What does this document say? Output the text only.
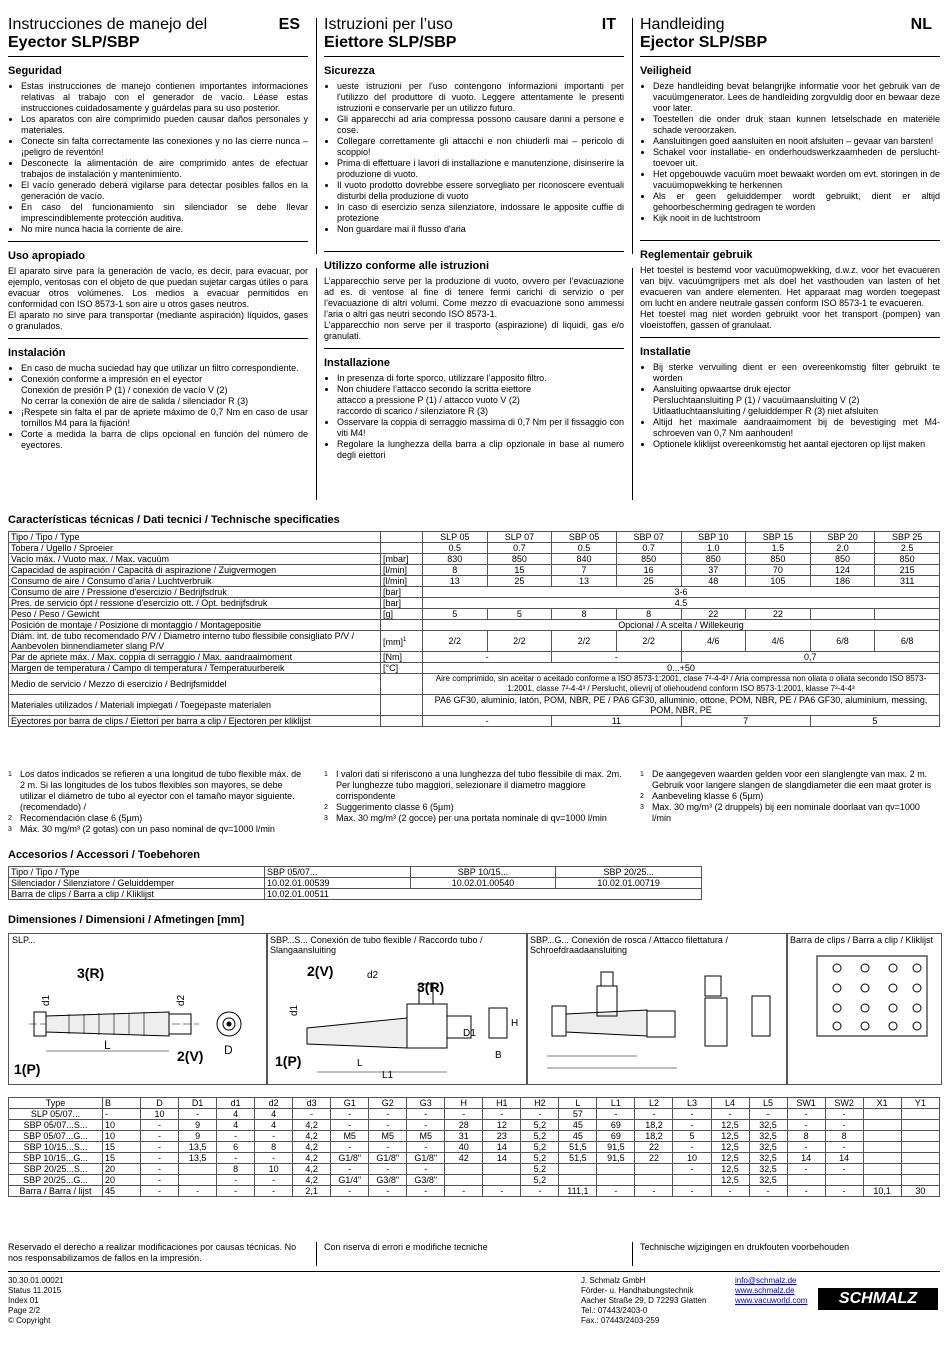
Instrucciones de manejo del
Eyector SLP/SBP
ES
Seguridad
• Estas instrucciones de manejo contienen importantes informaciones relativas al trabajo con el generador de vacío. Léase estas instrucciones cuidadosamente y guárdelas para su uso posterior.
• Los aparatos con aire comprimido pueden causar daños personales y materiales.
• Conecte sin falta correctamente las conexiones y no las cierre nunca – ¡peligro de reventón!
• Desconecte la alimentación de aire comprimido antes de efectuar trabajos de instalación y mantenimiento.
• El vacío generado deberá vigilarse para detectar posibles fallos en la generación de vacío.
• En caso del funcionamiento sin silenciador se debe llevar imprescindiblemente protección auditiva.
• No mire nunca hacia la corriente de aire.
Uso apropiado
El aparato sirve para la generación de vacío, es decir, para evacuar, por ejemplo, ventosas con el objeto de que puedan sujetar cargas útiles o para evacuar otros volúmenes. Los medios a evacuar permitidos en conformidad con ISO 8573-1 son aire u otros gases neutros.
El aparato no sirve para transportar (mediante aspiración) líquidos, gases o granulados.
Instalación
• En caso de mucha suciedad hay que utilizar un filtro correspondiente.
• Conexión conforme a impresión en el eyector
Conexión de presión P (1) / conexión de vacío V (2)
No cerrar la conexión de aire de salida / silenciador R (3)
• ¡Respete sin falta el par de apriete máximo de 0,7 Nm en caso de usar tornillos M4 para la fijación!
• Corte a medida la barra de clips opcional en función del número de eyectores.
Istruzioni per l’uso
Eiettore SLP/SBP
IT
Sicurezza
• ueste istruzioni per l'uso contengono informazioni importanti per l'utilizzo del produttore di vuoto. Leggere attentamente le presenti istruzioni e conservarle per un utilizzo futuro.
• Gli apparecchi ad aria compressa possono causare danni a persone e cose.
• Collegare correttamente gli attacchi e non chiuderli mai – pericolo di scoppio!
• Prima di effettuare i lavori di installazione e manutenzione, disinserire la produzione di vuoto.
• Il vuoto prodotto dovrebbe essere sorvegliato per riconoscere eventuali disturbi della produzione di vuoto
• In caso di esercizio senza silenziatore, indossare le apposite cuffie di protezione
• Non guardare mai il flusso d'aria
Utilizzo conforme alle istruzioni
L’apparecchio serve per la produzione di vuoto, ovvero per l’evacuazione ad es. di ventose al fine di tenere fermi carichi di servizio o per l’evacuazione di altri volumi. Come mezzo di evacuazione sono ammessi l’aria o altri gas neutri secondo ISO 8573-1.
L’apparecchio non serve per il trasporto (aspirazione) di liquidi, gas e/o granulati.
Installazione
• In presenza di forte sporco, utilizzare l’apposito filtro.
• Non chiudere l’attacco secondo la scritta eiettore
attacco a pressione P (1) / attacco vuoto V (2)
raccordo di scarico / silenziatore R (3)
• Osservare la coppia di serraggio massima di 0,7 Nm per il fissaggio con viti M4!
• Regolare la lunghezza della barra a clip opzionale in base al numero degli eiettori
Handleiding
Ejector SLP/SBP
NL
Veiligheid
• Deze handleiding bevat belangrijke informatie voor het gebruik van de vacuümgenerator. Lees de handleiding zorgvuldig door en bewaar deze voor later.
• Toestellen die onder druk staan kunnen letselschade en materiële schade veroorzaken.
• Aansluitingen goed aansluiten en nooit afsluiten – gevaar van barsten!
• Schakel voor installatie- en onderhoudswerkzaamheden de persluchttoevoer uit.
• Het opgebouwde vacuüm moet bewaakt worden om evt. storingen in de vacuümopwekking te herkennen
• Als er geen geluiddemper wordt gebruikt, dient er altijd gehoorbescherming gedragen te worden
• Kijk nooit in de luchtstroom
Reglementair gebruik
Het toestel is bestemd voor vacuümopwekking, d.w.z. voor het evacueren van bijv. vacuümgrijpers met als doel het vasthouden van lasten of het evacueren van andere elementen. Het apparaat mag worden toegepast om lucht en andere neutrale gassen conform ISO 8573-1 te evacueren.
Het toestel mag niet worden gebruikt voor het transport (pompen) van vloeistoffen, gassen of granulaat.
Installatie
• Bij sterke vervuiling dient er een overeenkomstig filter gebruikt te worden
• Aansluiting opwaartse druk ejector
Persluchtaansluiting P (1) / vacuümaansluiting V (2)
Uitlaatluchtaansluiting / geluiddemper R (3) niet afsluiten
• Altijd het maximale aandraaimoment bij de bevestiging met M4-schroeven van 0,7 Nm aanhouden!
• Optionele kliklijst overeenkomstig het aantal ejectoren op lijst maken
Características técnicas / Dati tecnici / Technische specificaties
Tipo / Tipo / Type		SLP 05	SLP 07	SBP 05	SBP 07	SBP 10	SBP 15	SBP 20	SBP 25
Tobera / Ugello / Sproeier		0.5	0.7	0.5	0.7	1.0	1.5	2.0	2.5
Vacío máx. / Vuoto max. / Max. vacuüm	[mbar]	830	850	840	850	850	850	850	850
Capacidad de aspiración / Capacità di aspirazione / Zuigvermogen	[l/min]	8	15	7	16	37	70	124	215
Consumo de aire / Consumo d’aria / Luchtverbruik	[l/min]	13	25	13	25	48	105	186	311
Consumo de aire / Pressione d'esercizio / Bedrijfsdruk	[bar]	3-6							
Pres. de servicio ópt / ressione d'esercizio ott. / Opt. bedrijfsdruk	[bar]	4.5							
Peso / Peso / Gewicht	[g]	5	5	8	8	22	22		
Posición de montaje / Posizione di montaggio / Montagepositie		Opcional / A scelta / Willekeurig							
Diám. int. de tubo recomendado P/V / Diametro interno tubo flessibile consigliato P/V / Aanbevolen binnendiameter slang P/V	[mm]$^1$	2/2	2/2	2/2	2/2	4/6	4/6	6/8	6/8
Par de apriete máx. / Max. coppia di serraggio / Max. aandraaimoment	[Nm]	-		-		0,7			
Margen de temperatura / Campo di temperatura / Temperatuurbereik	[°C]	0...+50							
Medio de servicio / Mezzo di esercizio / Bedrijfsmiddel		Aire comprimido, sin aceitar o aceitado conforme a ISO 8573-1:2001, clase 7²-4-4³ / Aria compressa non oliata o oliata secondo ISO 8573-1:2001, classe 7²-4-4³ / Perslucht, olievrij of oliehoudend conform ISO 8573-1:2001, klasse 7²-4-4³							
Materiales utilizados / Materiali impiegati / Toegepaste materialen		PA6 GF30, aluminio, latón, POM, NBR, PE / PA6 GF30, alluminio, ottone, POM, NBR, PE / PA6 GF30, aluminium, messing, POM, NBR, PE							
Eyectores por barra de clips / Eiettori per barra a clip / Ejectoren per kliklijst		-		11		7		5	
1 Los datos indicados se refieren a una longitud de tubo flexible máx. de 2 m. Si las longitudes de los tubos flexibles son mayores, se debe utilizar el diámetro de tubo al eyector con el tamaño mayor siguiente.(recomendado) /
2 Recomendación clase 6 (5µm)
3 Máx. 30 mg/m³ (2 gotas) con un paso nominal de qv=1000 l/min
1 I valori dati si riferiscono a una lunghezza del tubo flessibile di max. 2m. Per lunghezze tubo maggiori, selezionare il diametro maggiore corrispondente
2 Suggerimento classe 6 (5µm)
3 Max. 30 mg/m³ (2 gocce) per una portata nominale di qv=1000 l/min
1 De aangegeven waarden gelden voor een slanglengte van max. 2 m. Gebruik voor langere slangen de slangdiameter die een maat groter is
2 Aanbeveling klasse 6 (5µm)
3 Max. 30 mg/m³ (2 druppels) bij een nominale doorlaat van qv=1000 l/min
Accesorios / Accessori / Toebehoren
Tipo / Tipo / Type	SBP 05/07...	SBP 10/15...	SBP 20/25...
Silenciador / Silenziatore / Geluiddemper	10.02.01.00539	10.02.01.00540	10.02.01.00719
Barra de clips / Barra a clip / Kliklijst	10.02.01.00511		
Dimensiones / Dimensioni / Afmetingen [mm]
SLP...
3(R)
d1	d2
L
1(P)
2(V) D
SBP...S... Conexión de tubo flexible / Raccordo tubo / Slangaansluiting
2(V)	d2
3(R)
d1
D1
H
1(P)	L
L1
B
SBP...G... Conexión de rosca / Attacco filettatura / Schroefdraadaansluiting
Barra de clips / Barra a clip / Kliklijst
Type	B	D	D1	d1	d2	d3	G1	G2	G3	H	H1	H2	L	L1	L2	L3	L4	L5	SW1	SW2	X1	Y1
SLP 05/07...	-	10	-	4	4	-	-	-	-	-	-	-	57	-	-	-	-	-	-	-		
SBP 05/07...S...	10	-	9	4	4	4,2	-	-	-	28	12	5,2	45	69	18,2	-	12,5	32,5	-	-		
SBP 05/07...G...	10	-	9	-	-	4,2	M5	M5	M5	31	23	5,2	45	69	18,2	5	12,5	32,5	8	8		
SBP 10/15...S...	15	-	13,5	6	8	4,2	-	-	-	40	14	5,2	51,5	91,5	22	-	12,5	32,5	-	-		
SBP 10/15...G...	15	-	13,5	-	-	4,2	G1/8"	G1/8"	G1/8"	42	14	5,2	51,5	91,5	22	10	12,5	32,5	14	14		
SBP 20/25...S...	20	-		8	10	4,2	-	-	-			5,2				-	12,5	32,5	-	-		
SBP 20/25...G...	20	-		-	-	4,2	G1/4"	G3/8"	G3/8"			5,2					12,5	32,5				
Barra / Barra / lijst	45	-	-	-	-	2,1	-	-	-	-	-	-	111,1	-	-	-	-	-	-	-	10,1	30
Reservado el derecho a realizar modificaciones por causas técnicas. No nos responsabilizamos de fallos en la impresión.
Con riserva di errori e modifiche tecniche	Technische wijzigingen en drukfouten voorbehouden
30.30.01.00021
Status 11.2015
Index 01
Page 2/2
© Copyright
J. Schmalz GmbH
Förder- u. Handhabungstechnik
Aacher Straße 29, D 72293 Glatten
Tel.: 07443/2403-0
Fax.: 07443/2403-259
info@schmalz.de
www.schmalz.de
www.vacuworld.com	SCHMALZ
